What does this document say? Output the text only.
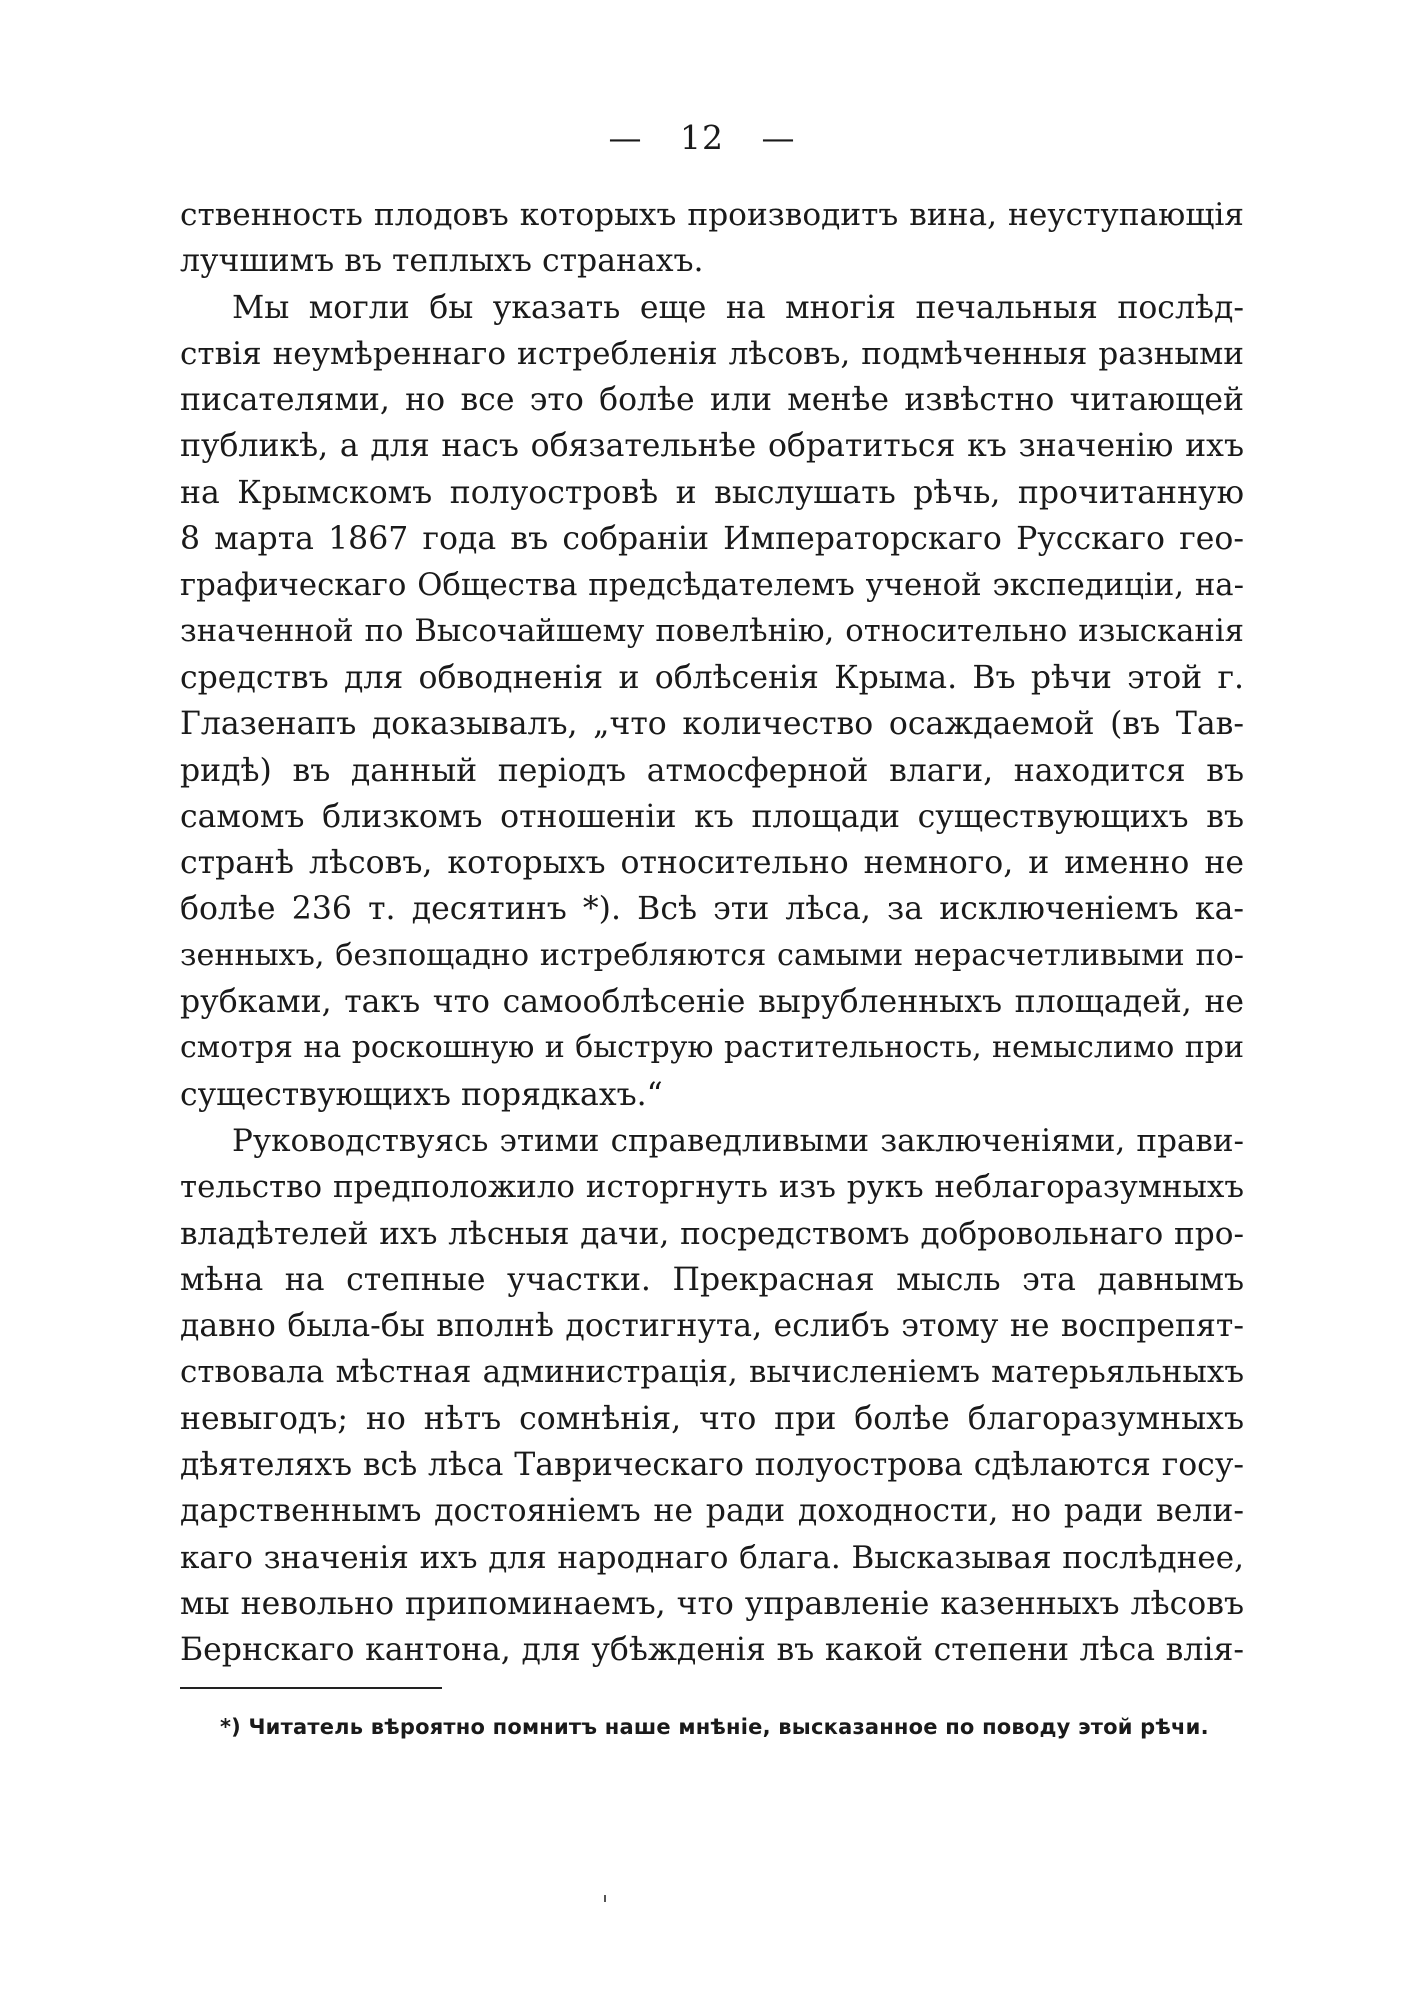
— 12 —
ственность плодовъ которыхъ производитъ вина, неуступающія
лучшимъ въ теплыхъ странахъ.
Мы могли бы указать еще на многія печальныя послѣд-
ствія неумѣреннаго истребленія лѣсовъ, подмѣченныя разными
писателями, но все это болѣе или менѣе извѣстно читающей
публикѣ, а для насъ обязательнѣе обратиться къ значенію ихъ
на Крымскомъ полуостровѣ и выслушать рѣчь, прочитанную
8 марта 1867 года въ собраніи Императорскаго Русскаго гео-
графическаго Общества предсѣдателемъ ученой экспедиціи, на-
значенной по Высочайшему повелѣнію, относительно изысканія
средствъ для обводненія и облѣсенія Крыма. Въ рѣчи этой г.
Глазенапъ доказывалъ, „что количество осаждаемой (въ Тав-
ридѣ) въ данный періодъ атмосферной влаги, находится въ
самомъ близкомъ отношеніи къ площади существующихъ въ
странѣ лѣсовъ, которыхъ относительно немного, и именно не
болѣе 236 т. десятинъ *). Всѣ эти лѣса, за исключеніемъ ка-
зенныхъ, безпощадно истребляются самыми нерасчетливыми по-
рубками, такъ что самооблѣсеніе вырубленныхъ площадей, не
смотря на роскошную и быструю растительность, немыслимо при
существующихъ порядкахъ.“
Руководствуясь этими справедливыми заключеніями, прави-
тельство предположило исторгнуть изъ рукъ неблагоразумныхъ
владѣтелей ихъ лѣсныя дачи, посредствомъ добровольнаго про-
мѣна на степные участки. Прекрасная мысль эта давнымъ
давно была-бы вполнѣ достигнута, еслибъ этому не воспрепят-
ствовала мѣстная администрація, вычисленіемъ матерьяльныхъ
невыгодъ; но нѣтъ сомнѣнія, что при болѣе благоразумныхъ
дѣятеляхъ всѣ лѣса Таврическаго полуострова сдѣлаются госу-
дарственнымъ достояніемъ не ради доходности, но ради вели-
каго значенія ихъ для народнаго блага. Высказывая послѣднее,
мы невольно припоминаемъ, что управленіе казенныхъ лѣсовъ
Бернскаго кантона, для убѣжденія въ какой степени лѣса влія-
*) Читатель вѣроятно помнитъ наше мнѣніе, высказанное по поводу этой рѣчи.
